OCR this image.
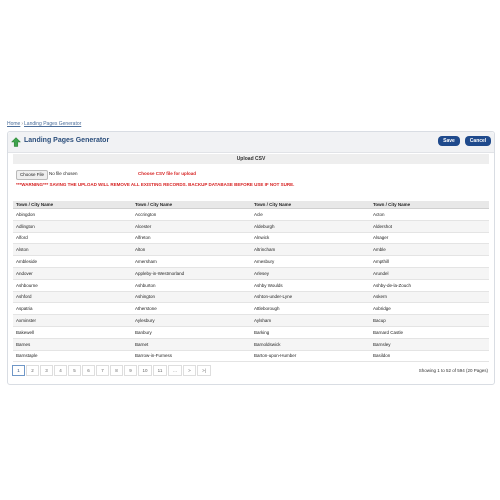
Home›Landing Pages Generator
Landing Pages Generator	Save	Cancel
Upload CSV
Choose File	No file chosen	Choose CSV file for upload
***WARNING*** SAVING THE UPLOAD WILL REMOVE ALL EXISTING RECORDS. BACKUP DATABASE BEFORE USE IF NOT SURE.
Town / City Name	Town / City Name	Town / City Name	Town / City Name
Abingdon	Accrington	Acle	Acton
Adlington	Alcester	Aldeburgh	Aldershot
Alford	Alfreton	Alnwick	Alsager
Alston	Alton	Altrincham	Amble
Ambleside	Amersham	Amesbury	Ampthill
Andover	Appleby-in-Westmorland	Arlesey	Arundel
Ashbourne	Ashburton	Ashby Woulds	Ashby-de-la-Zouch
Ashford	Ashington	Ashton-under-Lyne	Askern
Aspatria	Atherstone	Attleborough	Axbridge
Axminster	Aylesbury	Aylsham	Bacup
Bakewell	Banbury	Barking	Barnard Castle
Barnes	Barnet	Barnoldswick	Barnsley
Barnstaple	Barrow-in-Furness	Barton-upon-Humber	Basildon
1	2	3	4	5	6	7	8	9	10	11	...	>	>|	Showing 1 to 52 of 594 (20 Pages)
